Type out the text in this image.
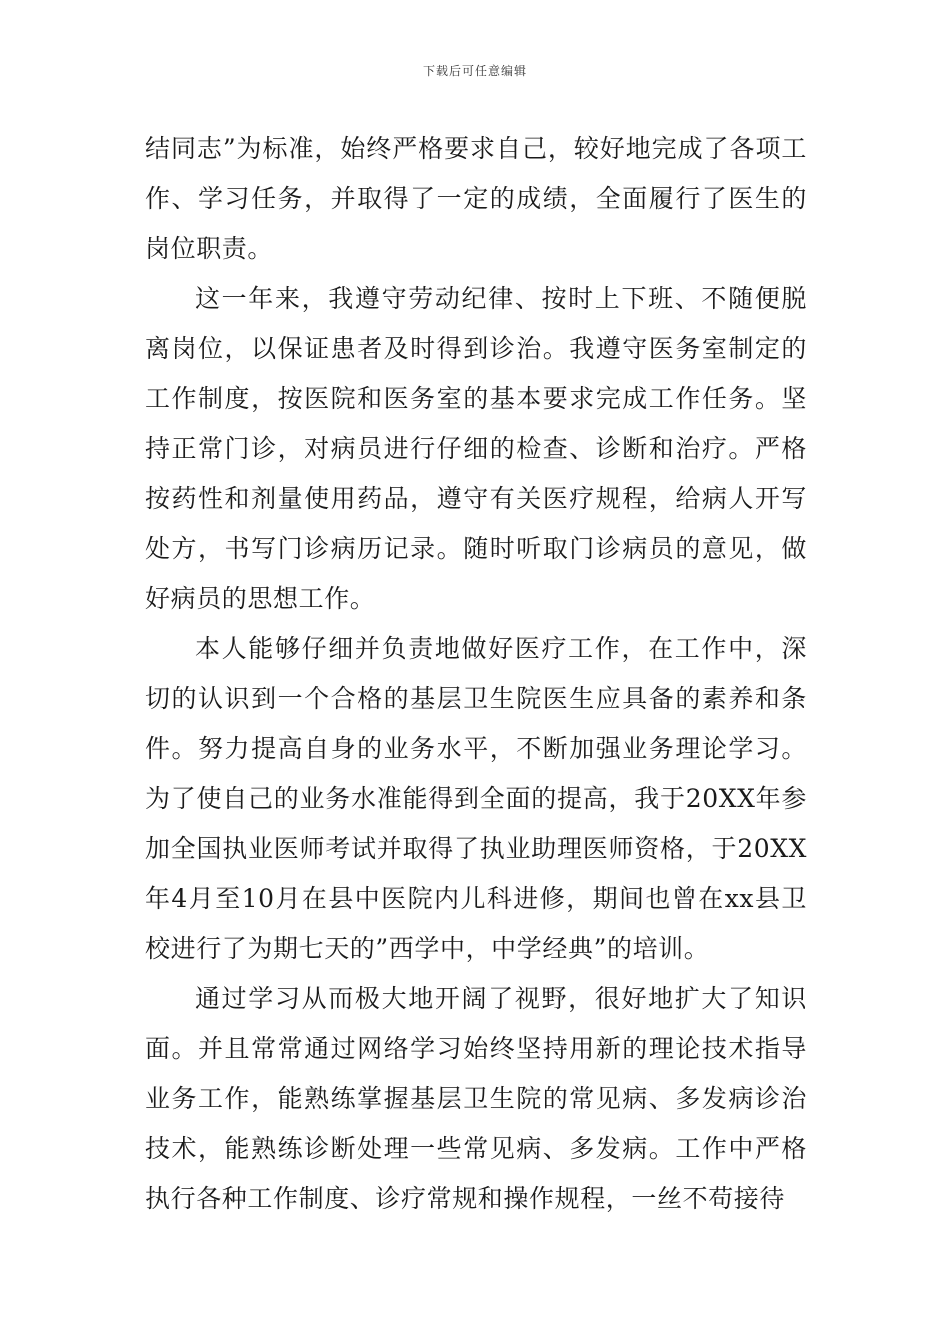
下载后可任意编辑

结同志”为标准，始终严格要求自己，较好地完成了各项工作、学习任务，并取得了一定的成绩，全面履行了医生的岗位职责。

这一年来，我遵守劳动纪律、按时上下班、不随便脱离岗位，以保证患者及时得到诊治。我遵守医务室制定的工作制度，按医院和医务室的基本要求完成工作任务。坚持正常门诊，对病员进行仔细的检查、诊断和治疗。严格按药性和剂量使用药品，遵守有关医疗规程，给病人开写处方，书写门诊病历记录。随时听取门诊病员的意见，做好病员的思想工作。

本人能够仔细并负责地做好医疗工作，在工作中，深切的认识到一个合格的基层卫生院医生应具备的素养和条件。努力提高自身的业务水平，不断加强业务理论学习。为了使自己的业务水准能得到全面的提高，我于20XX年参加全国执业医师考试并取得了执业助理医师资格，于20XX年4月至10月在县中医院内儿科进修，期间也曾在xx县卫校进行了为期七天的”西学中，中学经典”的培训。

通过学习从而极大地开阔了视野，很好地扩大了知识面。并且常常通过网络学习始终坚持用新的理论技术指导业务工作，能熟练掌握基层卫生院的常见病、多发病诊治技术，能熟练诊断处理一些常见病、多发病。工作中严格执行各种工作制度、诊疗常规和操作规程，一丝不苟接待
